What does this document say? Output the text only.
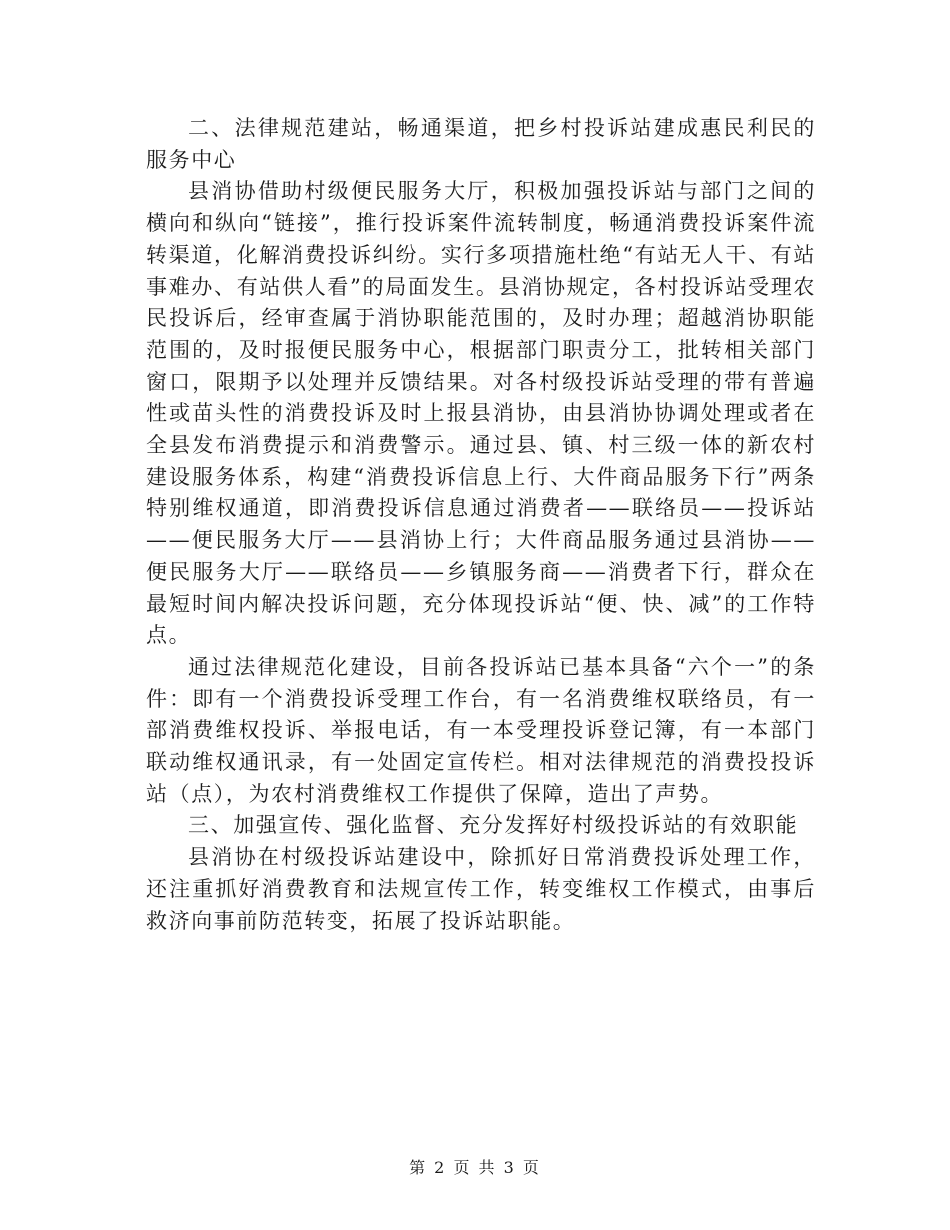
二、法律规范建站，畅通渠道，把乡村投诉站建成惠民利民的服务中心

县消协借助村级便民服务大厅，积极加强投诉站与部门之间的横向和纵向“链接”，推行投诉案件流转制度，畅通消费投诉案件流转渠道，化解消费投诉纠纷。实行多项措施杜绝“有站无人干、有站事难办、有站供人看”的局面发生。县消协规定，各村投诉站受理农民投诉后，经审查属于消协职能范围的，及时办理；超越消协职能范围的，及时报便民服务中心，根据部门职责分工，批转相关部门窗口，限期予以处理并反馈结果。对各村级投诉站受理的带有普遍性或苗头性的消费投诉及时上报县消协，由县消协协调处理或者在全县发布消费提示和消费警示。通过县、镇、村三级一体的新农村建设服务体系，构建“消费投诉信息上行、大件商品服务下行”两条特别维权通道，即消费投诉信息通过消费者——联络员——投诉站——便民服务大厅——县消协上行；大件商品服务通过县消协——便民服务大厅——联络员——乡镇服务商——消费者下行，群众在最短时间内解决投诉问题，充分体现投诉站“便、快、减”的工作特点。

通过法律规范化建设，目前各投诉站已基本具备“六个一”的条件：即有一个消费投诉受理工作台，有一名消费维权联络员，有一部消费维权投诉、举报电话，有一本受理投诉登记簿，有一本部门联动维权通讯录，有一处固定宣传栏。相对法律规范的消费投投诉站（点），为农村消费维权工作提供了保障，造出了声势。

三、加强宣传、强化监督、充分发挥好村级投诉站的有效职能

县消协在村级投诉站建设中，除抓好日常消费投诉处理工作，还注重抓好消费教育和法规宣传工作，转变维权工作模式，由事后救济向事前防范转变，拓展了投诉站职能。

第 2 页 共 3 页
